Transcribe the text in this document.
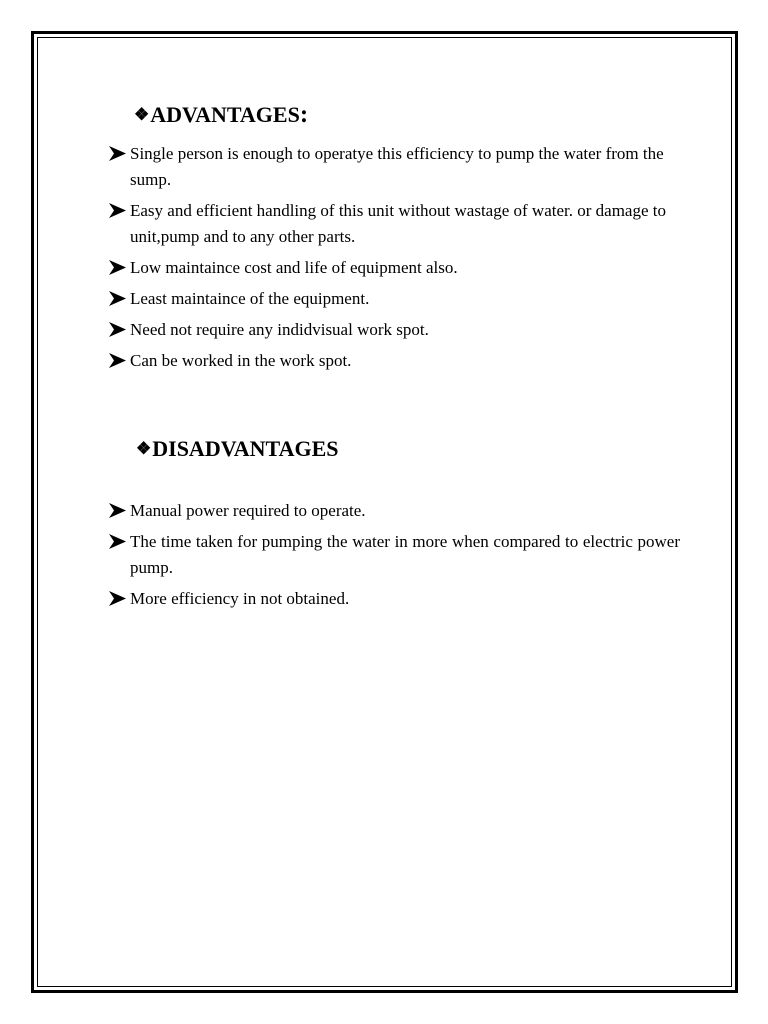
❖ADVANTAGES:
Single person is enough to operatye this efficiency to pump the water from the sump.
Easy and efficient handling of this unit without wastage of water. or damage to unit,pump and to any other parts.
Low maintaince cost and life of equipment also.
Least maintaince of the equipment.
Need not require any indidvisual work spot.
Can be worked in the work spot.
❖DISADVANTAGES
Manual power required to operate.
The time taken for pumping the water in more when compared to electric power pump.
More efficiency in not obtained.
